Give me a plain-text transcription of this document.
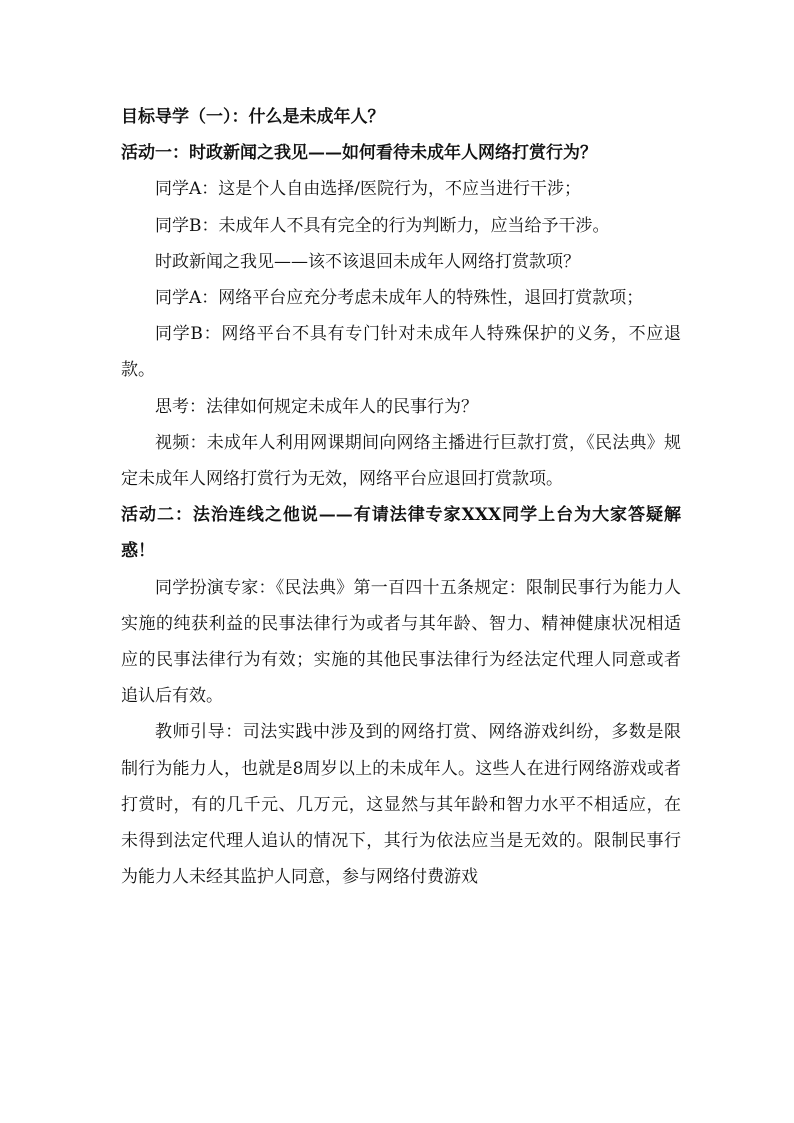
目标导学（一）：什么是未成年人？

活动一：时政新闻之我见——如何看待未成年人网络打赏行为？

同学A：这是个人自由选择/医院行为，不应当进行干涉；

同学B：未成年人不具有完全的行为判断力，应当给予干涉。

时政新闻之我见——该不该退回未成年人网络打赏款项？

同学A：网络平台应充分考虑未成年人的特殊性，退回打赏款项；

同学B：网络平台不具有专门针对未成年人特殊保护的义务，不应退款。

思考：法律如何规定未成年人的民事行为？

视频：未成年人利用网课期间向网络主播进行巨款打赏，《民法典》规定未成年人网络打赏行为无效，网络平台应退回打赏款项。

活动二：法治连线之他说——有请法律专家XXX同学上台为大家答疑解惑！

同学扮演专家：《民法典》第一百四十五条规定：限制民事行为能力人实施的纯获利益的民事法律行为或者与其年龄、智力、精神健康状况相适应的民事法律行为有效；实施的其他民事法律行为经法定代理人同意或者追认后有效。

教师引导：司法实践中涉及到的网络打赏、网络游戏纠纷，多数是限制行为能力人，也就是8周岁以上的未成年人。这些人在进行网络游戏或者打赏时，有的几千元、几万元，这显然与其年龄和智力水平不相适应，在未得到法定代理人追认的情况下，其行为依法应当是无效的。限制民事行为能力人未经其监护人同意，参与网络付费游戏
